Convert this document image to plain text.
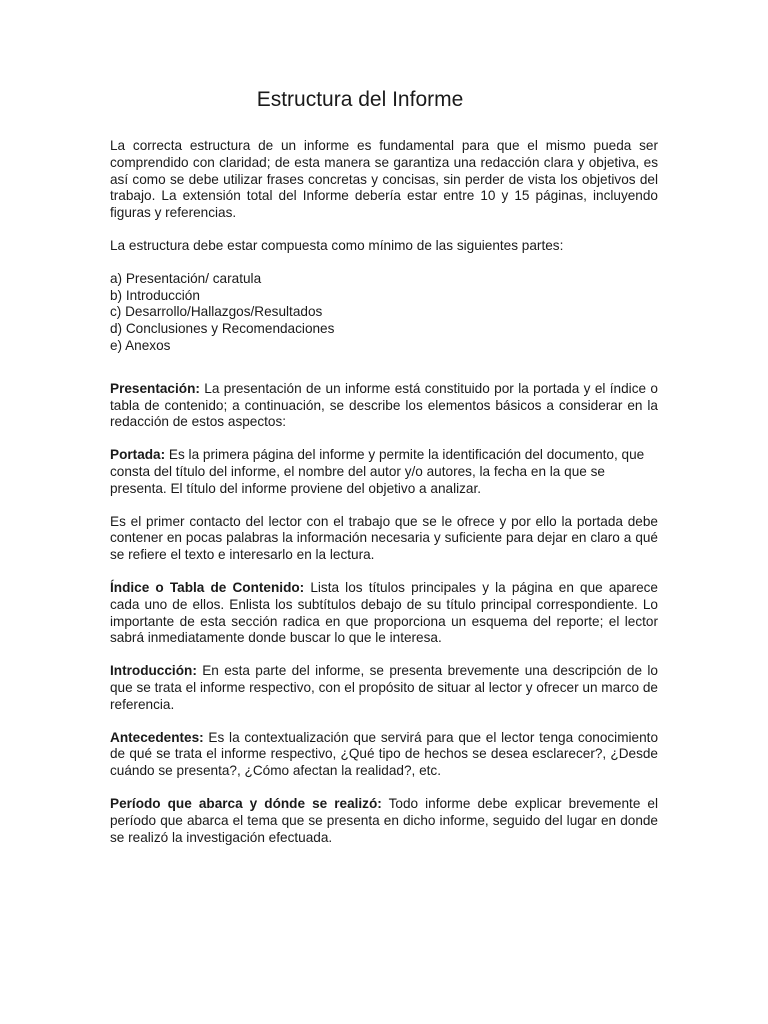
Estructura del Informe

La correcta estructura de un informe es fundamental para que el mismo pueda ser comprendido con claridad; de esta manera se garantiza una redacción clara y objetiva, es así como se debe utilizar frases concretas y concisas, sin perder de vista los objetivos del trabajo. La extensión total del Informe debería estar entre 10 y 15 páginas, incluyendo figuras y referencias.

La estructura debe estar compuesta como mínimo de las siguientes partes:

a) Presentación/ caratula
b) Introducción
c) Desarrollo/Hallazgos/Resultados
d) Conclusiones y Recomendaciones
e) Anexos

Presentación: La presentación de un informe está constituido por la portada y el índice o tabla de contenido; a continuación, se describe los elementos básicos a considerar en la redacción de estos aspectos:

Portada: Es la primera página del informe y permite la identificación del documento, que consta del título del informe, el nombre del autor y/o autores, la fecha en la que se presenta. El título del informe proviene del objetivo a analizar.

Es el primer contacto del lector con el trabajo que se le ofrece y por ello la portada debe contener en pocas palabras la información necesaria y suficiente para dejar en claro a qué se refiere el texto e interesarlo en la lectura.

Índice o Tabla de Contenido: Lista los títulos principales y la página en que aparece cada uno de ellos. Enlista los subtítulos debajo de su título principal correspondiente. Lo importante de esta sección radica en que proporciona un esquema del reporte; el lector sabrá inmediatamente donde buscar lo que le interesa.

Introducción: En esta parte del informe, se presenta brevemente una descripción de lo que se trata el informe respectivo, con el propósito de situar al lector y ofrecer un marco de referencia.

Antecedentes: Es la contextualización que servirá para que el lector tenga conocimiento de qué se trata el informe respectivo, ¿Qué tipo de hechos se desea esclarecer?, ¿Desde cuándo se presenta?, ¿Cómo afectan la realidad?, etc.

Período que abarca y dónde se realizó: Todo informe debe explicar brevemente el período que abarca el tema que se presenta en dicho informe, seguido del lugar en donde se realizó la investigación efectuada.
